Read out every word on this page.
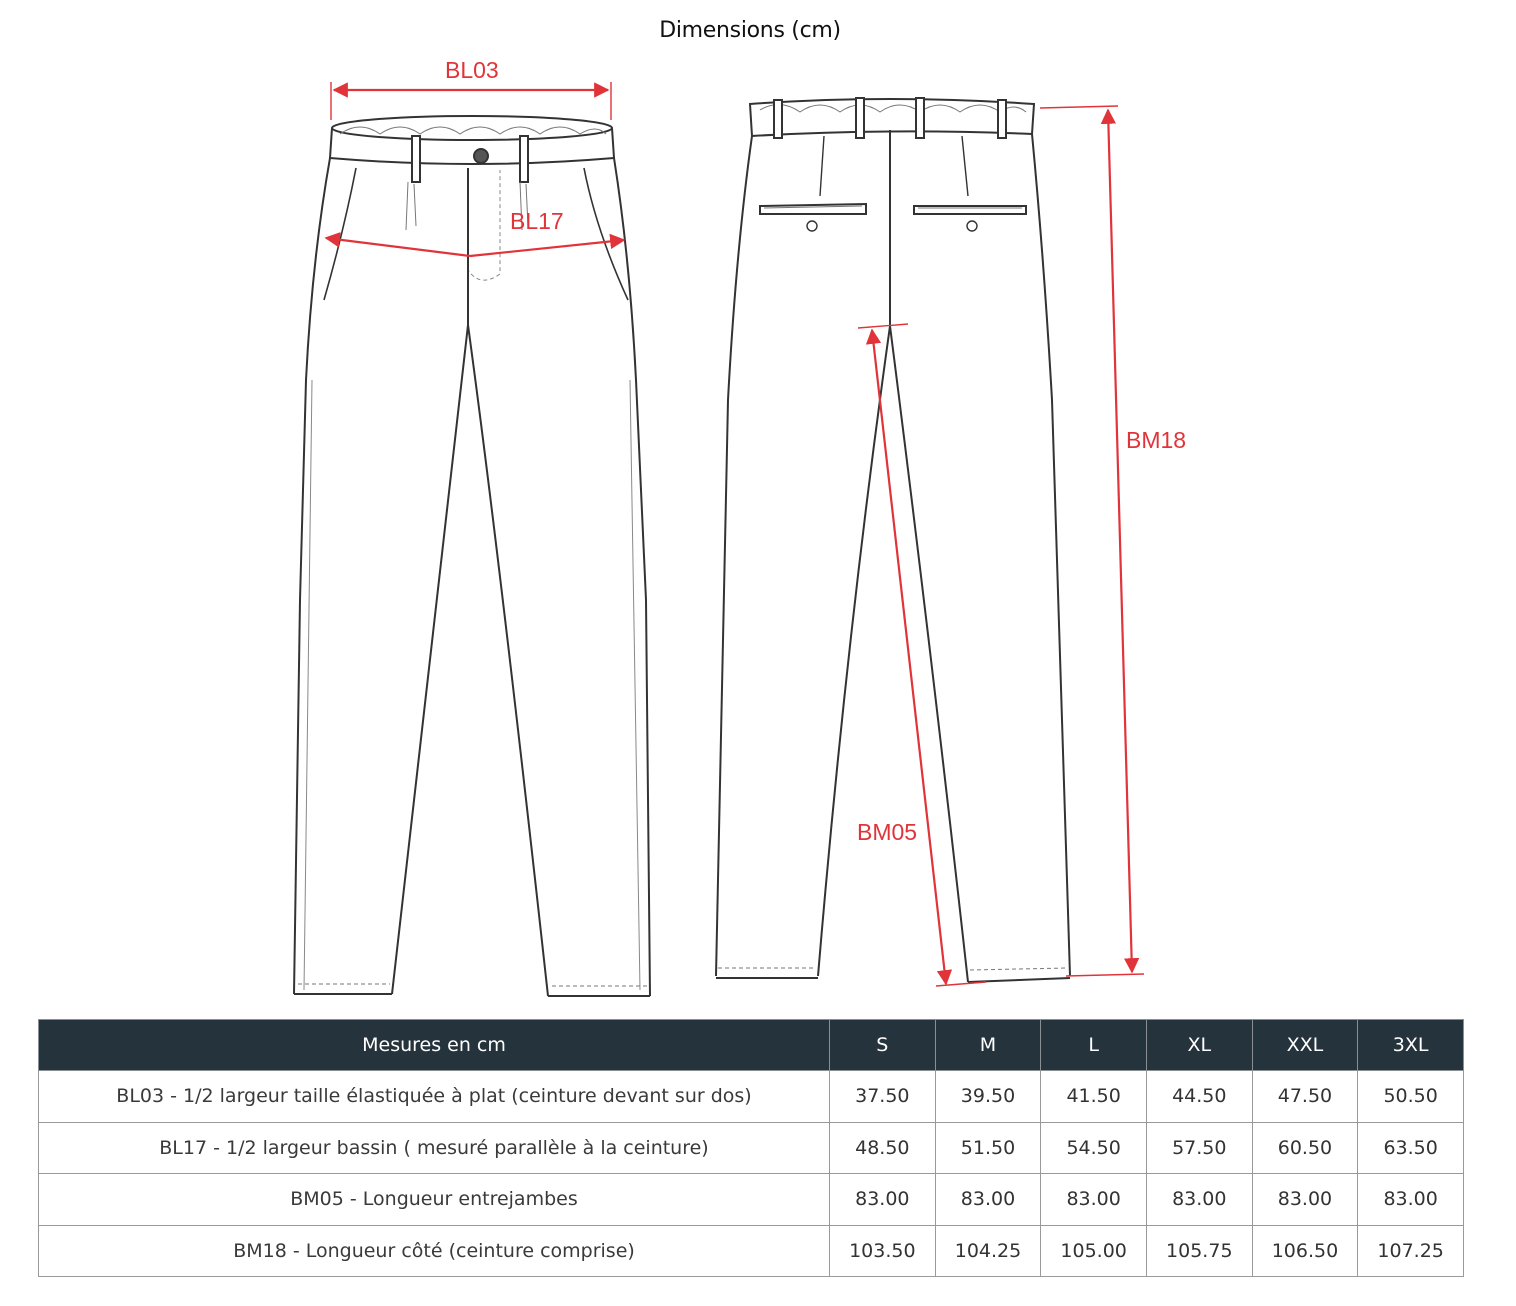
Dimensions (cm)
BL03
BL17
BM18
BM05
Mesures en cm	S	M	L	XL	XXL	3XL
BL03 - 1/2 largeur taille élastiquée à plat (ceinture devant sur dos)	37.50	39.50	41.50	44.50	47.50	50.50
BL17 - 1/2 largeur bassin ( mesuré parallèle à la ceinture)	48.50	51.50	54.50	57.50	60.50	63.50
BM05 - Longueur entrejambes	83.00	83.00	83.00	83.00	83.00	83.00
BM18 - Longueur côté (ceinture comprise)	103.50	104.25	105.00	105.75	106.50	107.25
